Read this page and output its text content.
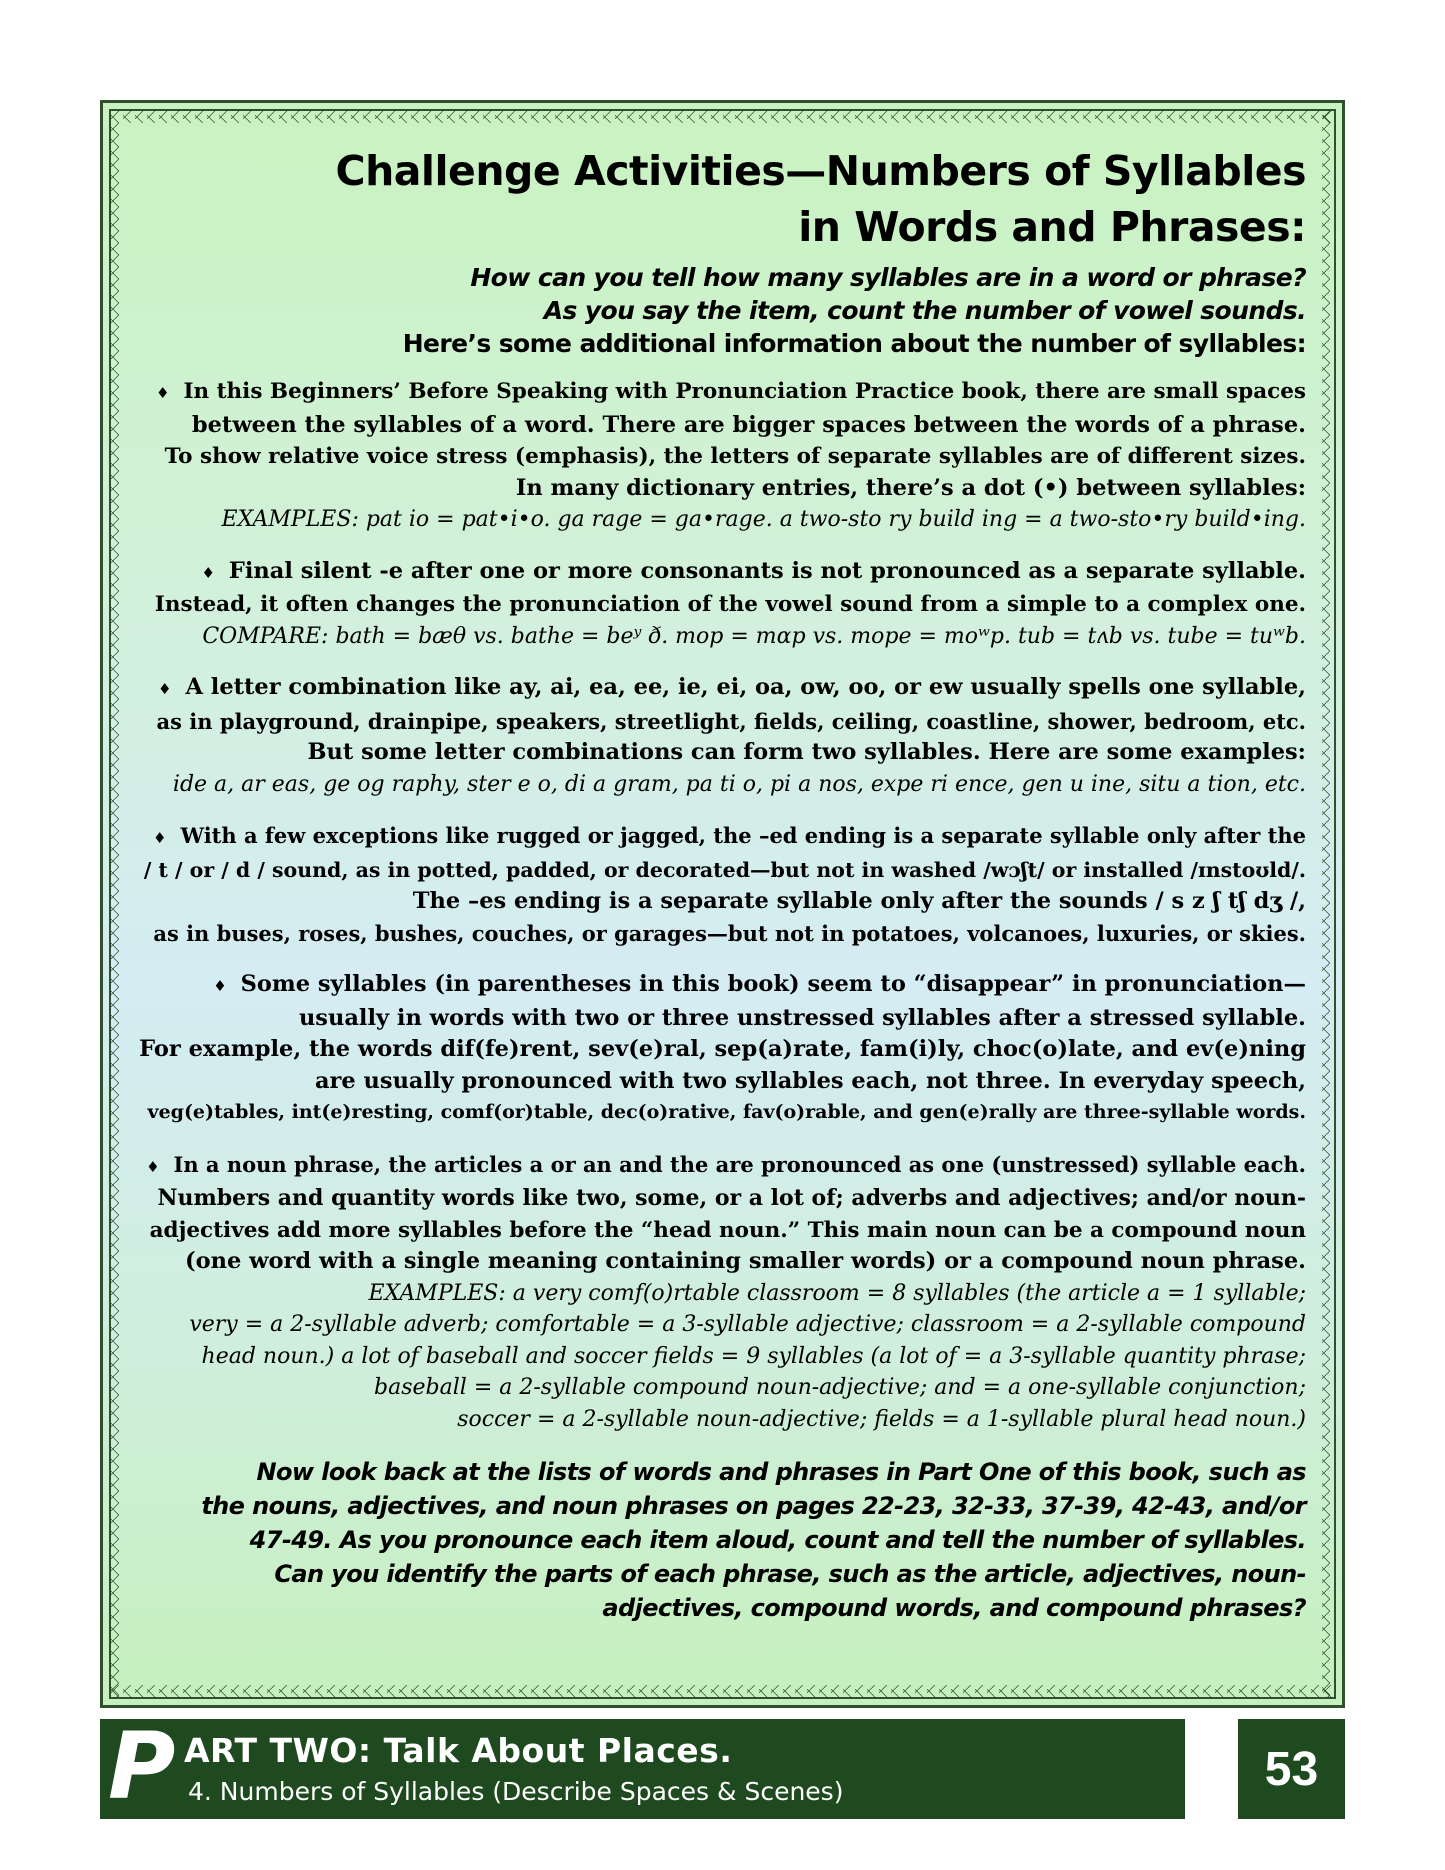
Challenge Activities—Numbers of Syllables
in Words and Phrases:
How can you tell how many syllables are in a word or phrase?
As you say the item, count the number of vowel sounds.
Here’s some additional information about the number of syllables:
♦ In this Beginners’ Before Speaking with Pronunciation Practice book, there are small spaces
between the syllables of a word. There are bigger spaces between the words of a phrase.
To show relative voice stress (emphasis), the letters of separate syllables are of different sizes.
In many dictionary entries, there’s a dot (•) between syllables:
EXAMPLES: pat io = pat•i•o. ga rage = ga•rage. a two-sto ry build ing = a two-sto•ry build•ing.
♦ Final silent -e after one or more consonants is not pronounced as a separate syllable.
Instead, it often changes the pronunciation of the vowel sound from a simple to a complex one.
COMPARE: bath = bæθ vs. bathe = beʸ ð. mop = mɑp vs. mope = moʷp. tub = tʌb vs. tube = tuʷb.
♦ A letter combination like ay, ai, ea, ee, ie, ei, oa, ow, oo, or ew usually spells one syllable,
as in playground, drainpipe, speakers, streetlight, fields, ceiling, coastline, shower, bedroom, etc.
But some letter combinations can form two syllables. Here are some examples:
ide a, ar eas, ge og raphy, ster e o, di a gram, pa ti o, pi a nos, expe ri ence, gen u ine, situ a tion, etc.
♦ With a few exceptions like rugged or jagged, the –ed ending is a separate syllable only after the
/ t / or / d / sound, as in potted, padded, or decorated—but not in washed /wɔʃt/ or installed /ɪnstoʊld/.
The –es ending is a separate syllable only after the sounds / s z ʃ tʃ dʒ /,
as in buses, roses, bushes, couches, or garages—but not in potatoes, volcanoes, luxuries, or skies.
♦ Some syllables (in parentheses in this book) seem to “disappear” in pronunciation—
usually in words with two or three unstressed syllables after a stressed syllable.
For example, the words dif(fe)rent, sev(e)ral, sep(a)rate, fam(i)ly, choc(o)late, and ev(e)ning
are usually pronounced with two syllables each, not three. In everyday speech,
veg(e)tables, int(e)resting, comf(or)table, dec(o)rative, fav(o)rable, and gen(e)rally are three-syllable words.
♦ In a noun phrase, the articles a or an and the are pronounced as one (unstressed) syllable each.
Numbers and quantity words like two, some, or a lot of; adverbs and adjectives; and/or noun-
adjectives add more syllables before the “head noun.” This main noun can be a compound noun
(one word with a single meaning containing smaller words) or a compound noun phrase.
EXAMPLES: a very comf(o)rtable classroom = 8 syllables (the article a = 1 syllable;
very = a 2-syllable adverb; comfortable = a 3-syllable adjective; classroom = a 2-syllable compound
head noun.) a lot of baseball and soccer fields = 9 syllables (a lot of = a 3-syllable quantity phrase;
baseball = a 2-syllable compound noun-adjective; and = a one-syllable conjunction;
soccer = a 2-syllable noun-adjective; fields = a 1-syllable plural head noun.)
Now look back at the lists of words and phrases in Part One of this book, such as
the nouns, adjectives, and noun phrases on pages 22-23, 32-33, 37-39, 42-43, and/or
47-49. As you pronounce each item aloud, count and tell the number of syllables.
Can you identify the parts of each phrase, such as the article, adjectives, noun-
adjectives, compound words, and compound phrases?
P ART TWO: Talk About Places.
4. Numbers of Syllables (Describe Spaces & Scenes)	53
